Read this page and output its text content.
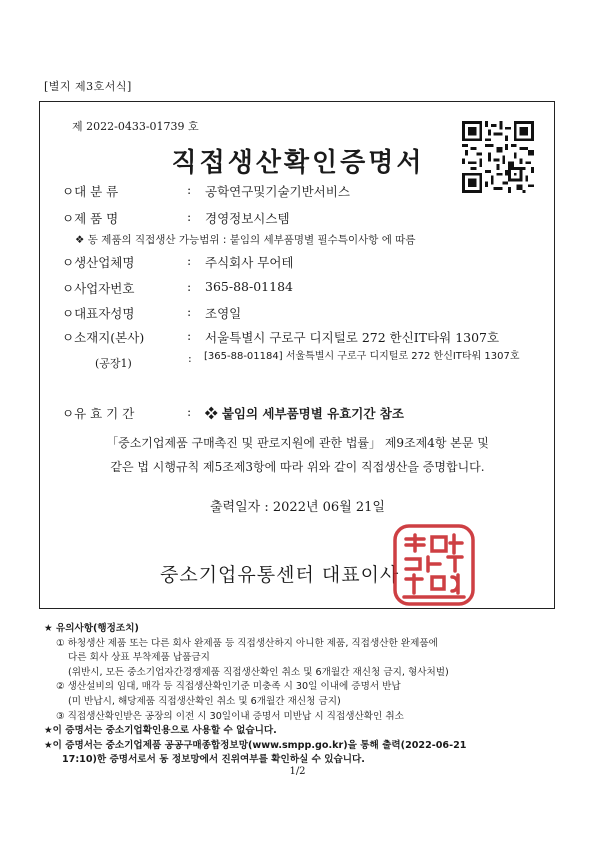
[별지 제3호서식]
제 2022-0433-01739 호
직접생산확인증명서
ㅇ대 분 류	: 공학연구및기술기반서비스
ㅇ제 품 명	: 경영정보시스템
❖ 동 제품의 직접생산 가능범위 : 붙임의 세부품명별 필수특이사항 에 따름
ㅇ생산업체명	: 주식회사 무어테
ㅇ사업자번호	: 365-88-01184
ㅇ대표자성명	: 조영일
ㅇ소재지(본사)	: 서울특별시 구로구 디지털로 272 한신IT타워 1307호
(공장1)	: [365-88-01184] 서울특별시 구로구 디지털로 272 한신IT타워 1307호
ㅇ유 효 기 간	: ❖ 붙임의 세부품명별 유효기간 참조
「중소기업제품 구매촉진 및 판로지원에 관한 법률」 제9조제4항 본문 및
같은 법 시행규칙 제5조제3항에 따라 위와 같이 직접생산을 증명합니다.
출력일자 : 2022년 06월 21일
중소기업유통센터 대표이사
★ 유의사항(행정조치)
① 하청생산 제품 또는 다른 회사 완제품 등 직접생산하지 아니한 제품, 직접생산한 완제품에
다른 회사 상표 부착제품 납품금지
(위반시, 모든 중소기업자간경쟁제품 직접생산확인 취소 및 6개월간 재신청 금지, 형사처벌)
② 생산설비의 임대, 매각 등 직접생산확인기준 미충족 시 30일 이내에 증명서 반납
(미 반납시, 해당제품 직접생산확인 취소 및 6개월간 재신청 금지)
③ 직접생산확인받은 공장의 이전 시 30일이내 증명서 미반납 시 직접생산확인 취소
★이 증명서는 중소기업확인용으로 사용할 수 없습니다.
★이 증명서는 중소기업제품 공공구매종합정보망(www.smpp.go.kr)을 통해 출력(2022-06-21
17:10)한 증명서로서 동 정보망에서 진위여부를 확인하실 수 있습니다.
1/2
